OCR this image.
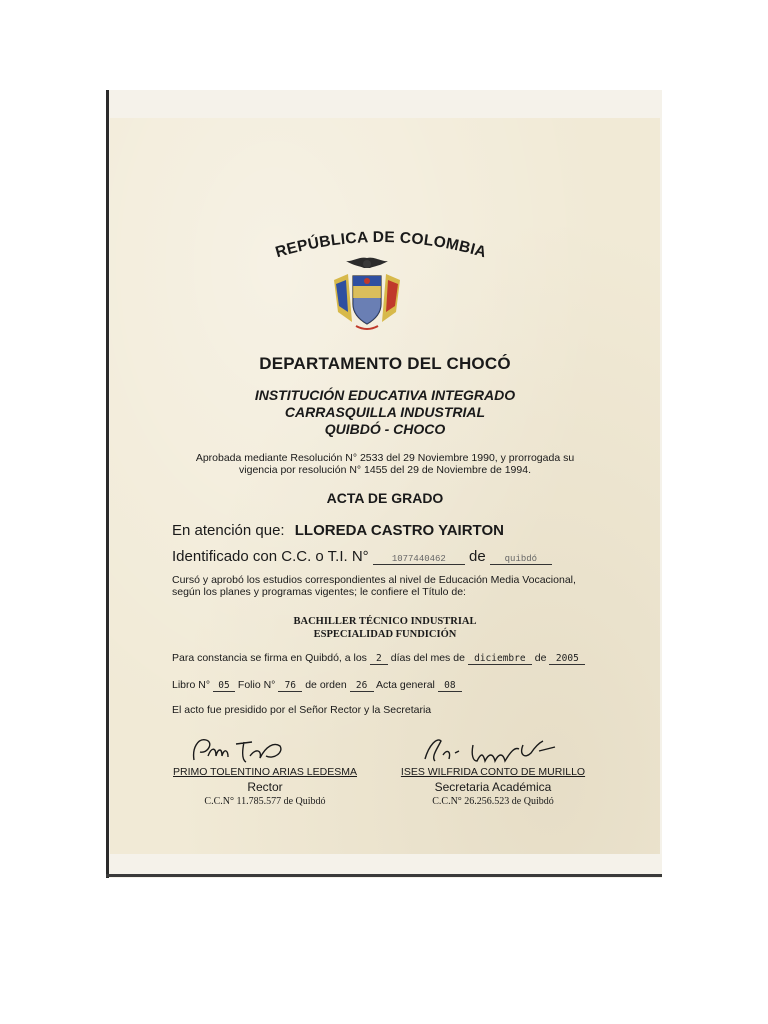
REPÚBLICA DE COLOMBIA
DEPARTAMENTO DEL CHOCÓ
INSTITUCIÓN EDUCATIVA INTEGRADO
CARRASQUILLA INDUSTRIAL
QUIBDÓ - CHOCO
Aprobada mediante Resolución N° 2533 del 29 Noviembre 1990, y prorrogada su
vigencia por resolución N° 1455 del 29 de Noviembre de 1994.
ACTA DE GRADO
En atención que: LLOREDA CASTRO YAIRTON
Identificado con C.C. o T.I. N°	1077440462 de quibdó
Cursó y aprobó los estudios correspondientes al nivel de Educación Media Vocacional, según los planes y programas vigentes; le confiere el Título de:
BACHILLER TÉCNICO INDUSTRIAL
ESPECIALIDAD FUNDICIÓN
Para constancia se firma en Quibdó, a los 2 días del mes de diciembre de 2005
Libro N° 05 Folio N° 76 de orden 26 Acta general 08
El acto fue presidido por el Señor Rector y la Secretaria
PRIMO TOLENTINO ARIAS LEDESMA
Rector
C.C.N° 11.785.577 de Quibdó
ISES WILFRIDA CONTO DE MURILLO
Secretaria Académica
C.C.N° 26.256.523 de Quibdó
